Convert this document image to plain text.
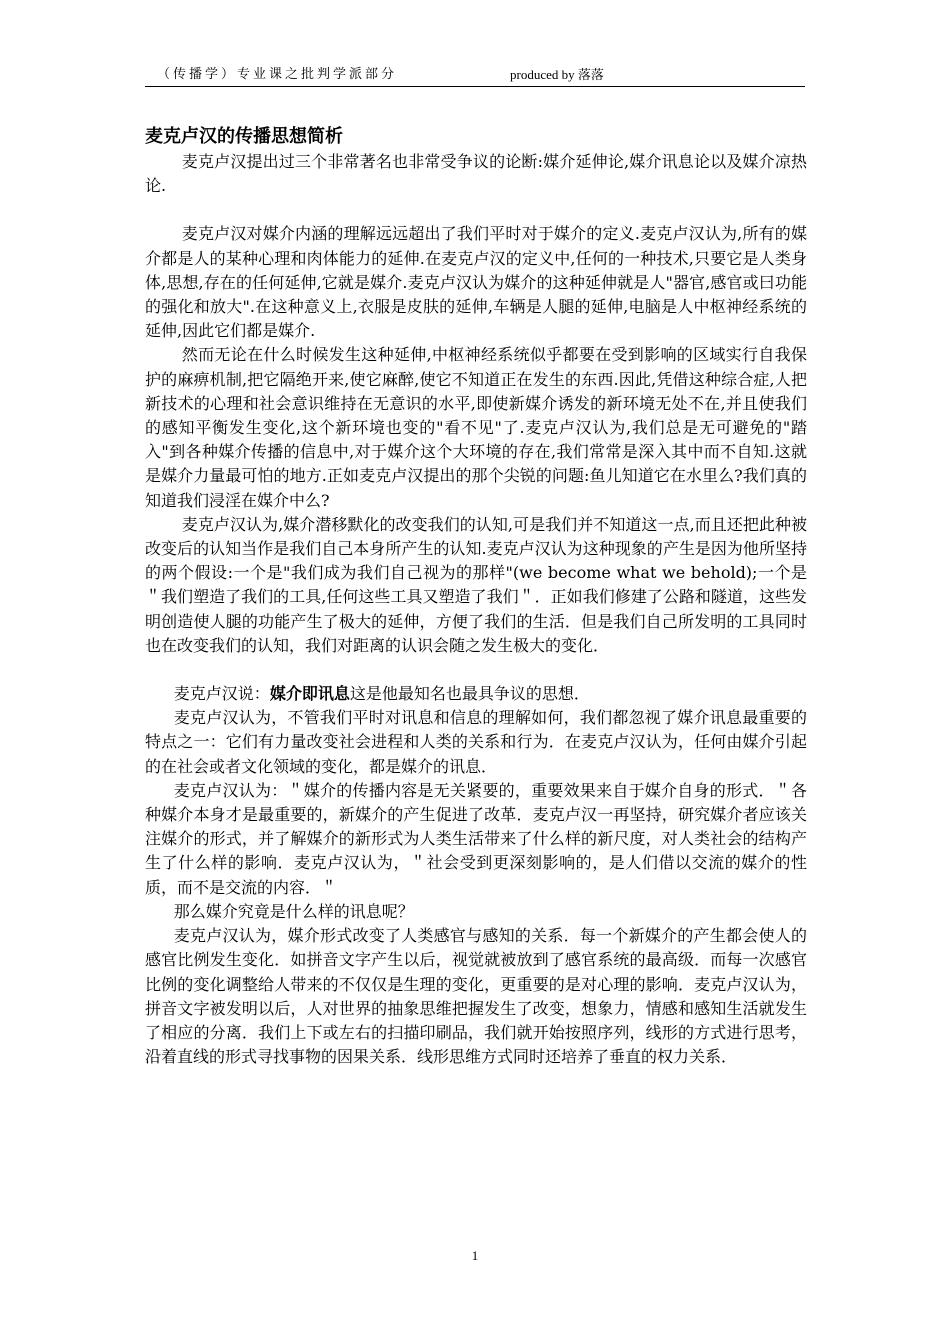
（传播学）专业课之批判学派部分	produced by 落落
麦克卢汉的传播思想简析

麦克卢汉提出过三个非常著名也非常受争议的论断:媒介延伸论,媒介讯息论以及媒介凉热论.

麦克卢汉对媒介内涵的理解远远超出了我们平时对于媒介的定义.麦克卢汉认为,所有的媒介都是人的某种心理和肉体能力的延伸.在麦克卢汉的定义中,任何的一种技术,只要它是人类身体,思想,存在的任何延伸,它就是媒介.麦克卢汉认为媒介的这种延伸就是人"器官,感官或曰功能的强化和放大".在这种意义上,衣服是皮肤的延伸,车辆是人腿的延伸,电脑是人中枢神经系统的延伸,因此它们都是媒介.

然而无论在什么时候发生这种延伸,中枢神经系统似乎都要在受到影响的区域实行自我保护的麻痹机制,把它隔绝开来,使它麻醉,使它不知道正在发生的东西.因此,凭借这种综合症,人把新技术的心理和社会意识维持在无意识的水平,即使新媒介诱发的新环境无处不在,并且使我们的感知平衡发生变化,这个新环境也变的"看不见"了.麦克卢汉认为,我们总是无可避免的"踏入"到各种媒介传播的信息中,对于媒介这个大环境的存在,我们常常是深入其中而不自知.这就是媒介力量最可怕的地方.正如麦克卢汉提出的那个尖锐的问题:鱼儿知道它在水里么?我们真的知道我们浸淫在媒介中么?

麦克卢汉认为,媒介潜移默化的改变我们的认知,可是我们并不知道这一点,而且还把此种被改变后的认知当作是我们自己本身所产生的认知.麦克卢汉认为这种现象的产生是因为他所坚持的两个假设:一个是"我们成为我们自己视为的那样"(we become what we behold);一个是＂我们塑造了我们的工具,任何这些工具又塑造了我们＂．正如我们修建了公路和隧道，这些发明创造使人腿的功能产生了极大的延伸，方便了我们的生活．但是我们自己所发明的工具同时也在改变我们的认知，我们对距离的认识会随之发生极大的变化．

麦克卢汉说：媒介即讯息这是他最知名也最具争议的思想．

麦克卢汉认为，不管我们平时对讯息和信息的理解如何，我们都忽视了媒介讯息最重要的特点之一：它们有力量改变社会进程和人类的关系和行为．在麦克卢汉认为，任何由媒介引起的在社会或者文化领域的变化，都是媒介的讯息．

麦克卢汉认为：＂媒介的传播内容是无关紧要的，重要效果来自于媒介自身的形式．＂各种媒介本身才是最重要的，新媒介的产生促进了改革．麦克卢汉一再坚持，研究媒介者应该关注媒介的形式，并了解媒介的新形式为人类生活带来了什么样的新尺度，对人类社会的结构产生了什么样的影响．麦克卢汉认为，＂社会受到更深刻影响的，是人们借以交流的媒介的性质，而不是交流的内容．＂

那么媒介究竟是什么样的讯息呢？

麦克卢汉认为，媒介形式改变了人类感官与感知的关系．每一个新媒介的产生都会使人的感官比例发生变化．如拼音文字产生以后，视觉就被放到了感官系统的最高级．而每一次感官比例的变化调整给人带来的不仅仅是生理的变化，更重要的是对心理的影响．麦克卢汉认为，拼音文字被发明以后，人对世界的抽象思维把握发生了改变，想象力，情感和感知生活就发生了相应的分离．我们上下或左右的扫描印刷品，我们就开始按照序列，线形的方式进行思考，沿着直线的形式寻找事物的因果关系．线形思维方式同时还培养了垂直的权力关系．

1
